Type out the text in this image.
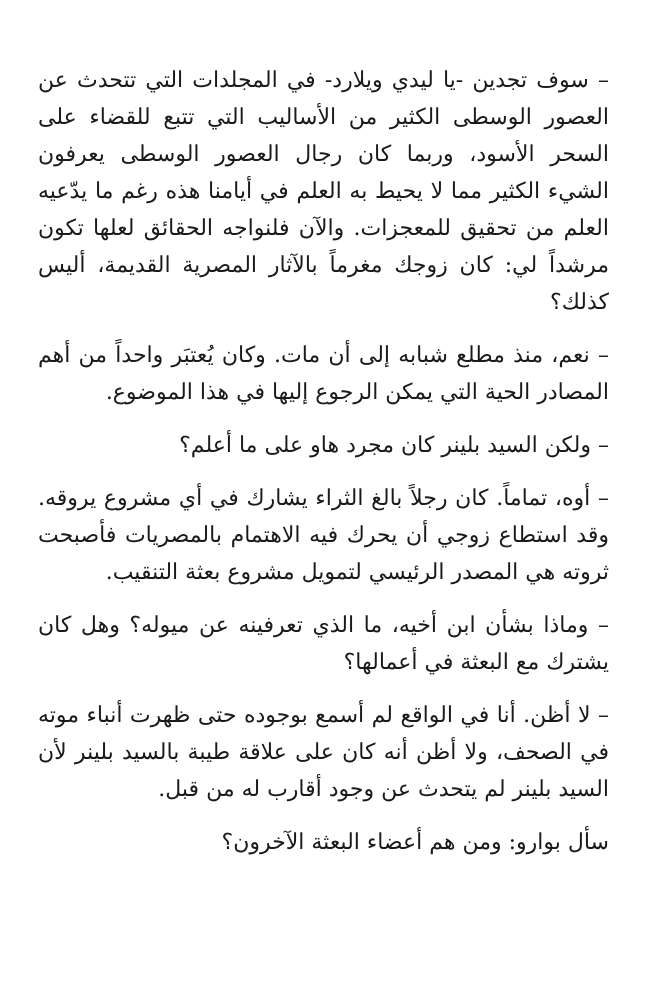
– سوف تجدين -يا ليدي ويلارد- في المجلدات التي تتحدث عن العصور الوسطى الكثير من الأساليب التي تتبع للقضاء على السحر الأسود، وربما كان رجال العصور الوسطى يعرفون الشيء الكثير مما لا يحيط به العلم في أيامنا هذه رغم ما يدّعيه العلم من تحقيق للمعجزات. والآن فلنواجه الحقائق لعلها تكون مرشداً لي: كان زوجك مغرماً بالآثار المصرية القديمة، أليس كذلك؟

– نعم، منذ مطلع شبابه إلى أن مات. وكان يُعتبَر واحداً من أهم المصادر الحية التي يمكن الرجوع إليها في هذا الموضوع.

– ولكن السيد بلينر كان مجرد هاو على ما أعلم؟

– أوه، تماماً. كان رجلاً بالغ الثراء يشارك في أي مشروع يروقه. وقد استطاع زوجي أن يحرك فيه الاهتمام بالمصريات فأصبحت ثروته هي المصدر الرئيسي لتمويل مشروع بعثة التنقيب.

– وماذا بشأن ابن أخيه، ما الذي تعرفينه عن ميوله؟ وهل كان يشترك مع البعثة في أعمالها؟

– لا أظن. أنا في الواقع لم أسمع بوجوده حتى ظهرت أنباء موته في الصحف، ولا أظن أنه كان على علاقة طيبة بالسيد بلينر لأن السيد بلينر لم يتحدث عن وجود أقارب له من قبل.

سأل بوارو: ومن هم أعضاء البعثة الآخرون؟
